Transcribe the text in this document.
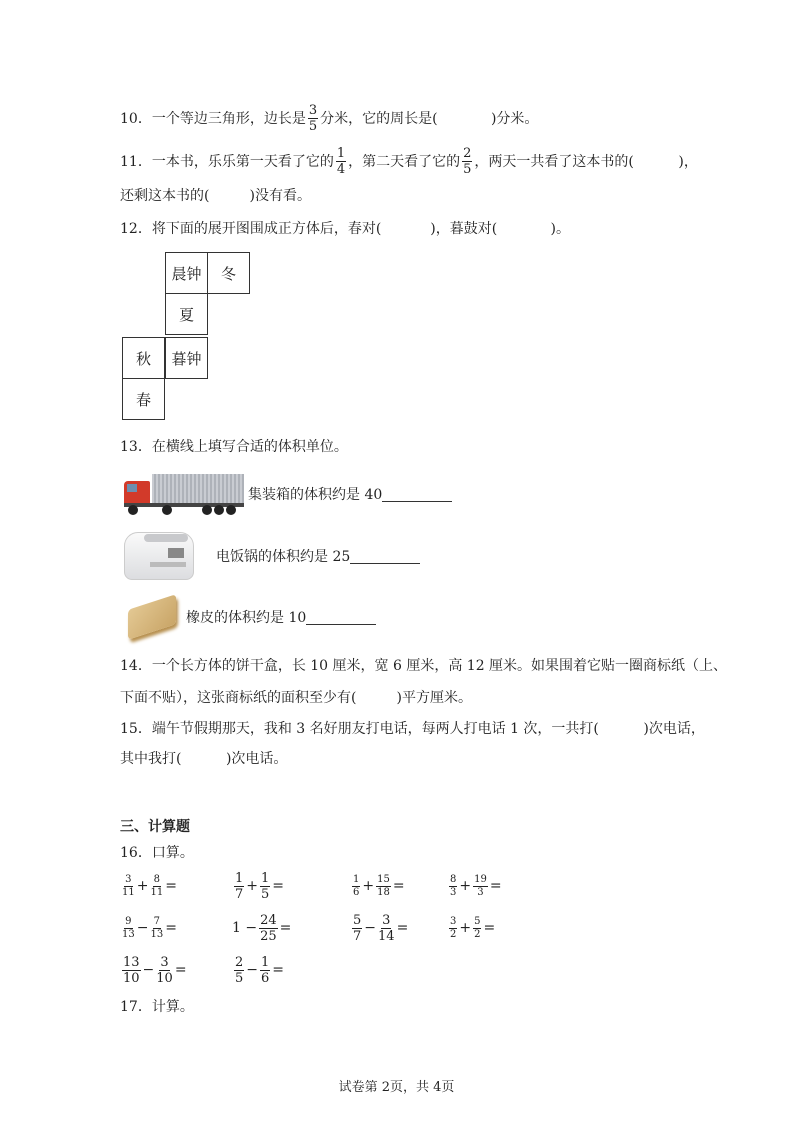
10．一个等边三角形，边长是 $\frac{3}{5}$ 分米，它的周长是(            )分米。
11．一本书，乐乐第一天看了它的 $\frac{1}{4}$ ，第二天看了它的 $\frac{2}{5}$ ，两天一共看了这本书的(          )，
还剩这本书的(         )没有看。
12．将下面的展开图围成正方体后，春对(           )，暮鼓对(            )。
晨钟	冬
夏
秋	暮钟
春
13．在横线上填写合适的体积单位。
集装箱的体积约是 40
电饭锅的体积约是 25
橡皮的体积约是 10
14．一个长方体的饼干盒，长 10 厘米，宽 6 厘米，高 12 厘米。如果围着它贴一圈商标纸（上、
下面不贴），这张商标纸的面积至少有(         )平方厘米。
15．端午节假期那天，我和 3 名好朋友打电话，每两人打电话 1 次，一共打(          )次电话，
其中我打(          )次电话。
三、计算题
16．口算。
$\frac{3}{11} + \frac{8}{11}$ =	$\frac{1}{7} + \frac{1}{5}$ =	$\frac{1}{6} + \frac{15}{18}$ =	$\frac{8}{3} + \frac{19}{3}$ =
$\frac{9}{13} - \frac{7}{13}$ =	$1 - \frac{24}{25}$ =	$\frac{5}{7} - \frac{3}{14}$ =	$\frac{3}{2} + \frac{5}{2}$ =
$\frac{13}{10} - \frac{3}{10}$ =	$\frac{2}{5} - \frac{1}{6}$ =
17．计算。
试卷第 2页，共 4页
